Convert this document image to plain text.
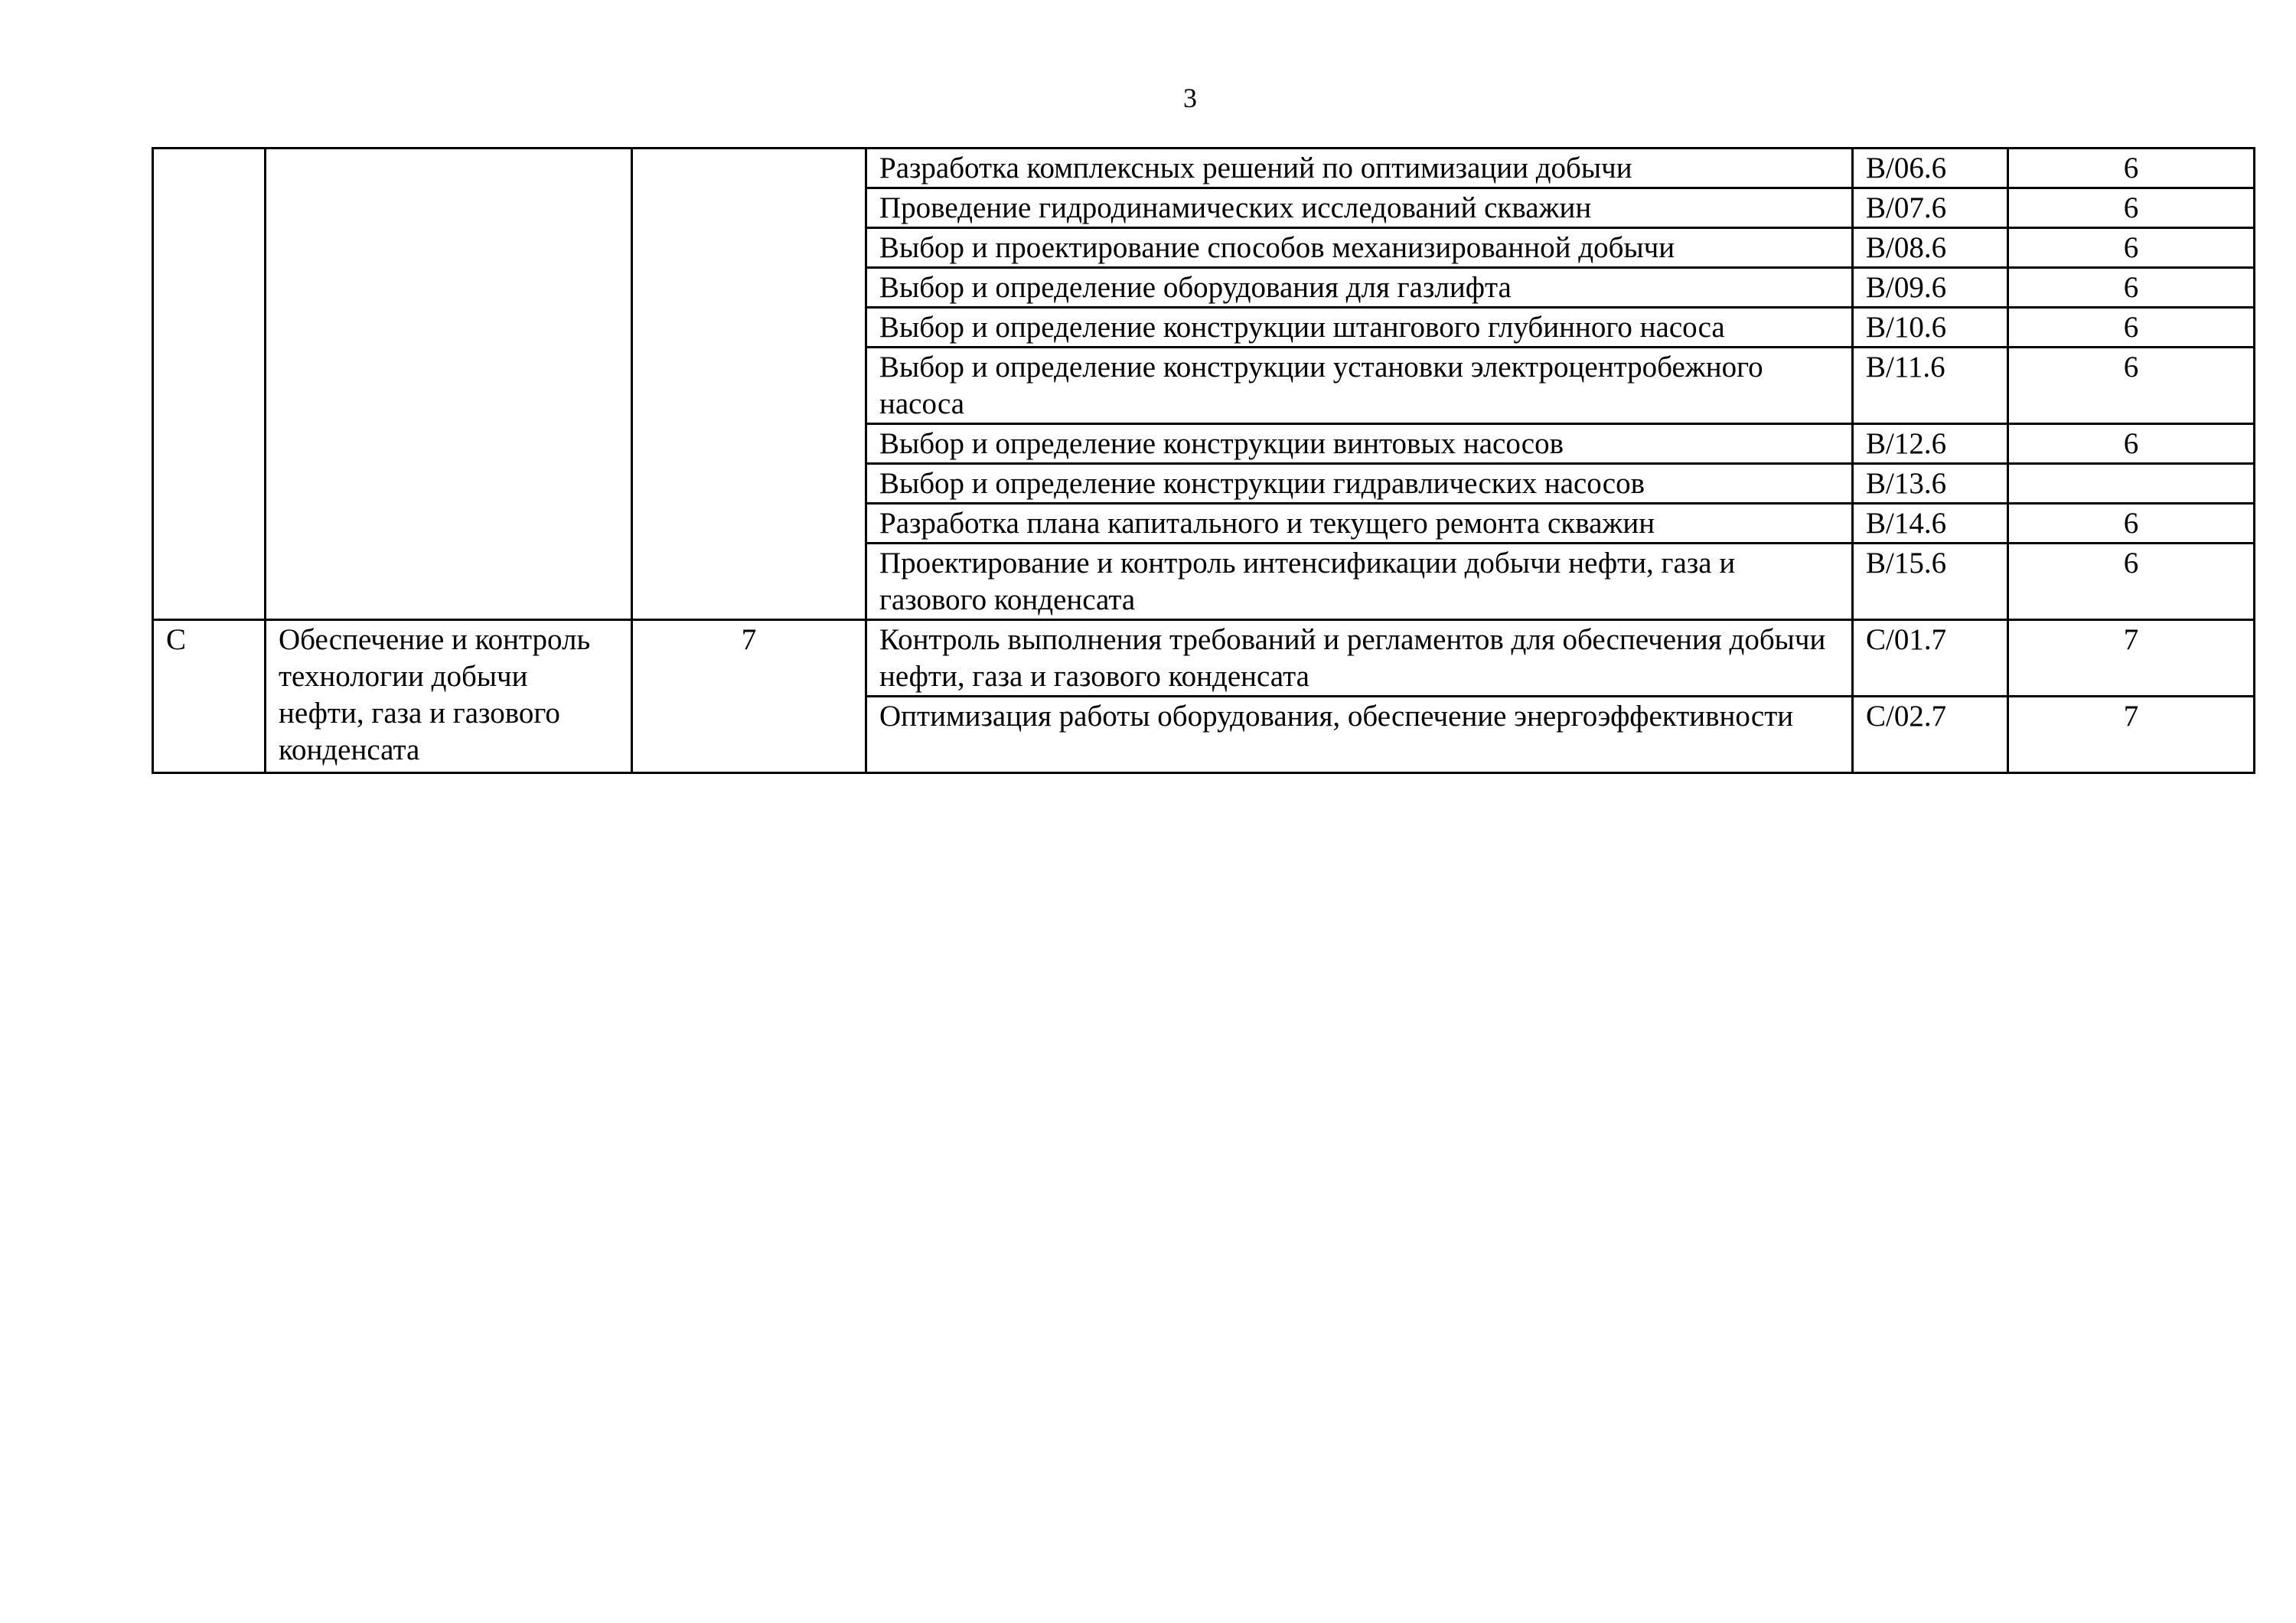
3
			Разработка комплексных решений по оптимизации добычи	B/06.6	6
			Проведение гидродинамических исследований скважин	B/07.6	6
			Выбор и проектирование способов механизированной добычи	B/08.6	6
			Выбор и определение оборудования для газлифта	B/09.6	6
			Выбор и определение конструкции штангового глубинного насоса	B/10.6	6
			Выбор и определение конструкции установки электроцентробежного насоса	B/11.6	6
			Выбор и определение конструкции винтовых насосов	B/12.6	6
			Выбор и определение конструкции гидравлических насосов	B/13.6	
			Разработка плана капитального и текущего ремонта скважин	B/14.6	6
			Проектирование и контроль интенсификации добычи нефти, газа и газового конденсата	B/15.6	6
C	Обеспечение и контроль технологии добычи нефти, газа и газового конденсата	7	Контроль выполнения требований и регламентов для обеспечения добычи нефти, газа и газового конденсата	C/01.7	7
			Оптимизация работы оборудования, обеспечение энергоэффективности	C/02.7	7
